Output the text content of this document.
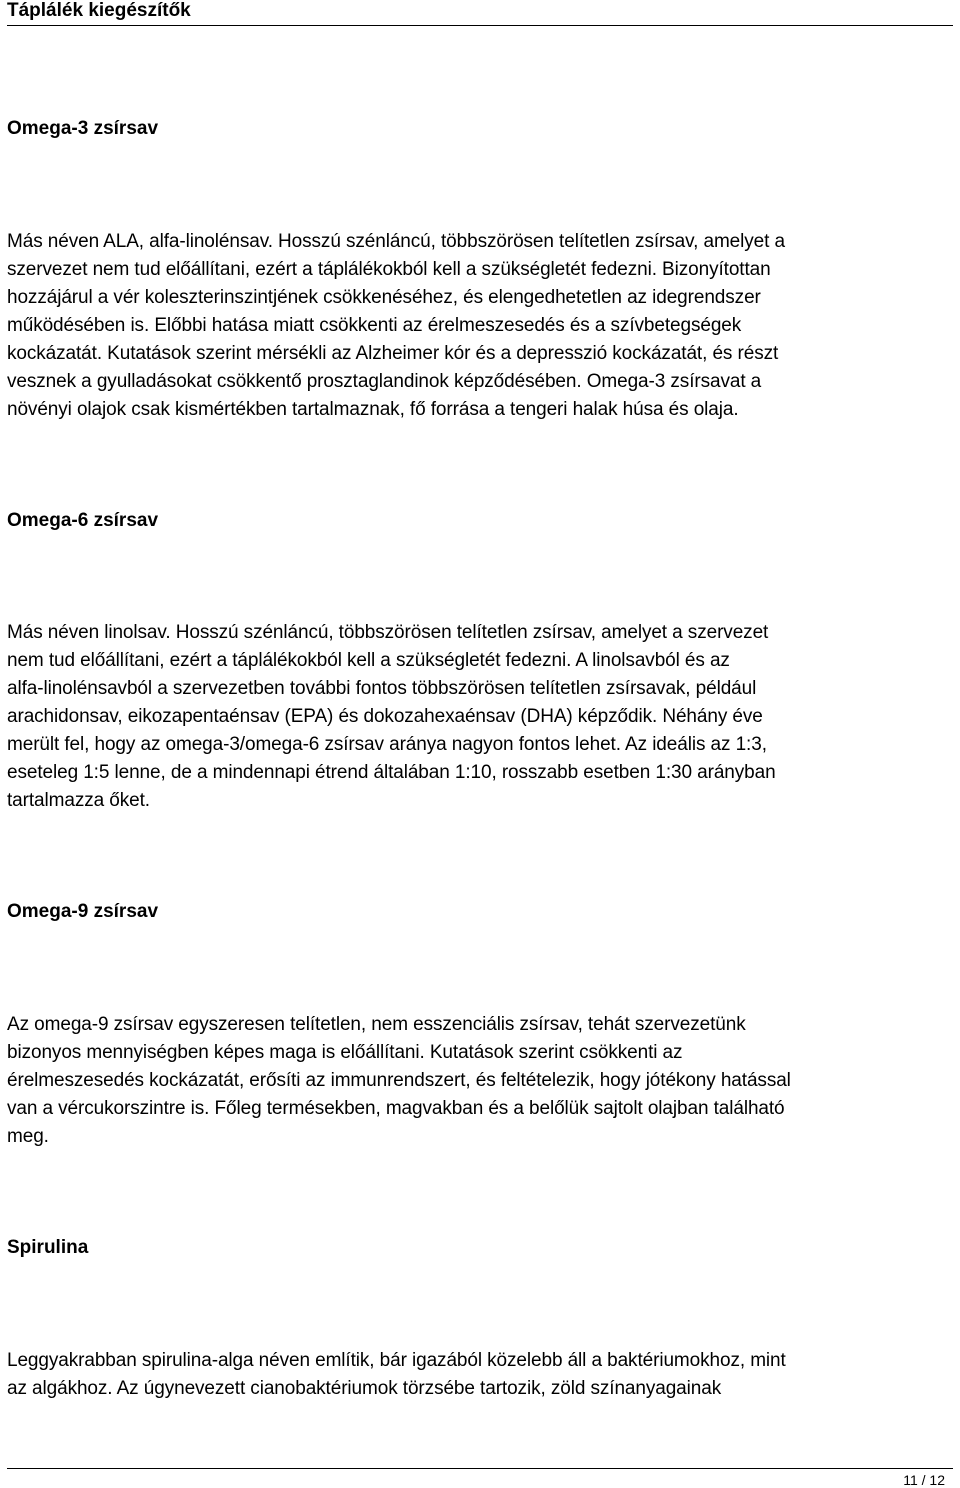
Táplálék kiegészítők
Omega-3 zsírsav
Más néven ALA, alfa-linolénsav. Hosszú szénláncú, többszörösen telítetlen zsírsav, amelyet a
szervezet nem tud előállítani, ezért a táplálékokból kell a szükségletét fedezni. Bizonyítottan
hozzájárul a vér koleszterinszintjének csökkenéséhez, és elengedhetetlen az idegrendszer
működésében is. Előbbi hatása miatt csökkenti az érelmeszesedés és a szívbetegségek
kockázatát. Kutatások szerint mérsékli az Alzheimer kór és a depresszió kockázatát, és részt
vesznek a gyulladásokat csökkentő prosztaglandinok képződésében. Omega-3 zsírsavat a
növényi olajok csak kismértékben tartalmaznak, fő forrása a tengeri halak húsa és olaja.
Omega-6 zsírsav
Más néven linolsav. Hosszú szénláncú, többszörösen telítetlen zsírsav, amelyet a szervezet
nem tud előállítani, ezért a táplálékokból kell a szükségletét fedezni. A linolsavból és az
alfa-linolénsavból a szervezetben további fontos többszörösen telítetlen zsírsavak, például
arachidonsav, eikozapentaénsav (EPA) és dokozahexaénsav (DHA) képződik. Néhány éve
merült fel, hogy az omega-3/omega-6 zsírsav aránya nagyon fontos lehet. Az ideális az 1:3,
eseteleg 1:5 lenne, de a mindennapi étrend általában 1:10, rosszabb esetben 1:30 arányban
tartalmazza őket.
Omega-9 zsírsav
Az omega-9 zsírsav egyszeresen telítetlen, nem esszenciális zsírsav, tehát szervezetünk
bizonyos mennyiségben képes maga is előállítani. Kutatások szerint csökkenti az
érelmeszesedés kockázatát, erősíti az immunrendszert, és feltételezik, hogy jótékony hatással
van a vércukorszintre is. Főleg termésekben, magvakban és a belőlük sajtolt olajban található
meg.
Spirulina
Leggyakrabban spirulina-alga néven említik, bár igazából közelebb áll a baktériumokhoz, mint
az algákhoz. Az úgynevezett cianobaktériumok törzsébe tartozik, zöld színanyagainak
11 / 12
